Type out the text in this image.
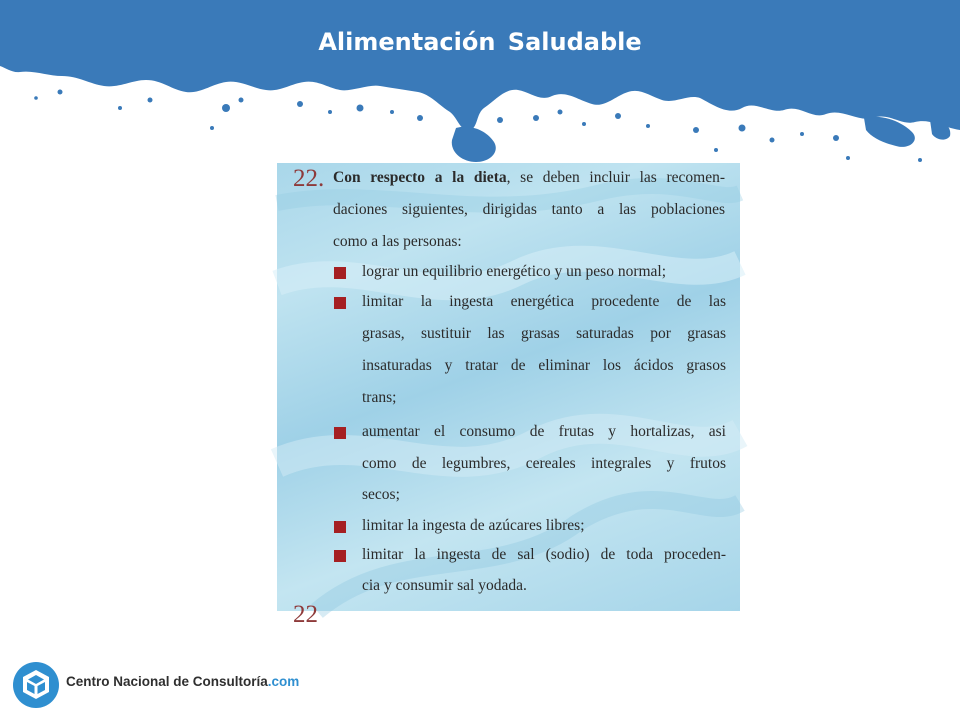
Alimentación Saludable
22. Con respecto a la dieta, se deben incluir las recomen-
daciones siguientes, dirigidas tanto a las poblaciones
como a las personas:
lograr un equilibrio energético y un peso normal;
limitar la ingesta energética procedente de las
grasas, sustituir las grasas saturadas por grasas
insaturadas y tratar de eliminar los ácidos grasos
trans;
aumentar el consumo de frutas y hortalizas, asi
como de legumbres, cereales integrales y frutos
secos;
limitar la ingesta de azúcares libres;
limitar la ingesta de sal (sodio) de toda proceden-
cia y consumir sal yodada.
22
Centro Nacional de Consultoría.com
